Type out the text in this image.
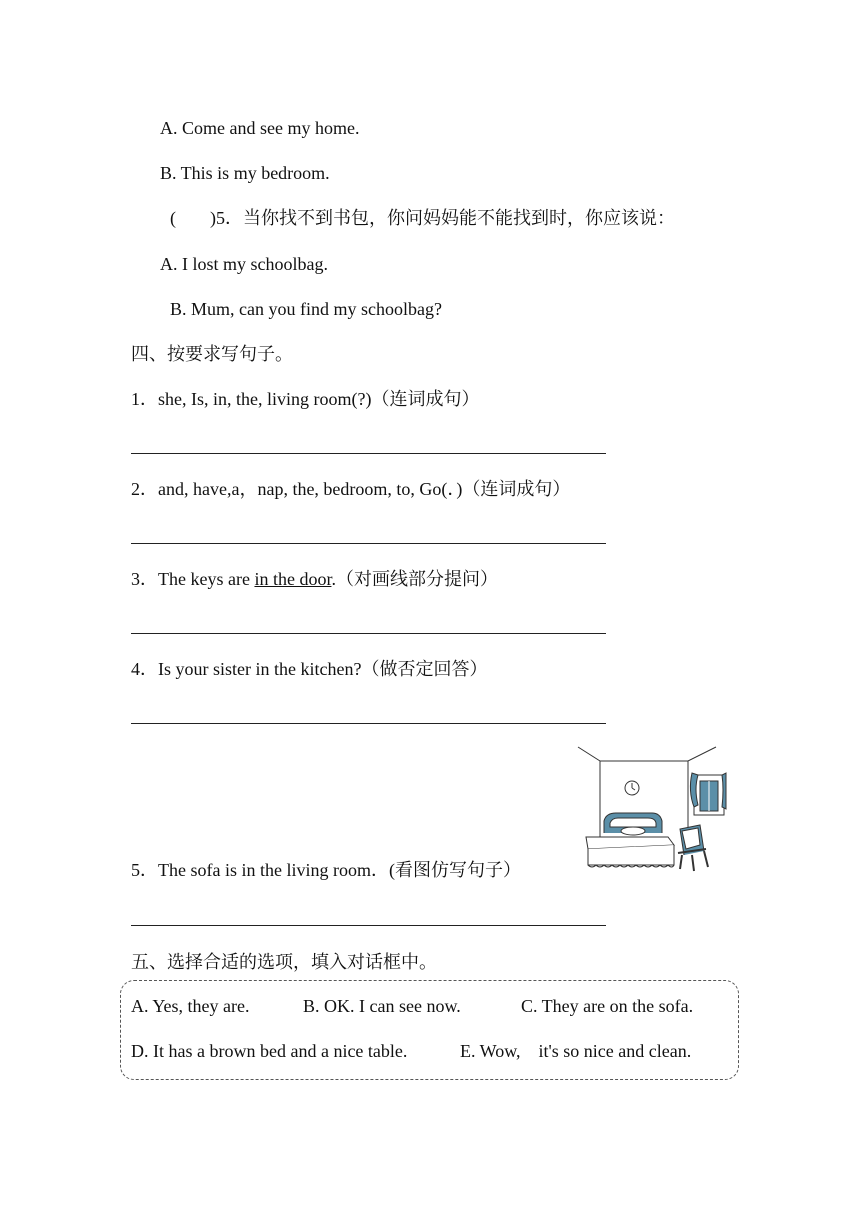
A. Come and see my home.
B. This is my bedroom.
( )5．当你找不到书包，你问妈妈能不能找到时，你应该说：
A. I lost my schoolbag.
B. Mum, can you find my schoolbag?
四、按要求写句子。
1．she, Is, in, the, living room(?)（连词成句）
2．and, have,a，nap, the, bedroom, to, Go(．)（连词成句）
3．The keys are in the door.（对画线部分提问）
4．Is your sister in the kitchen?（做否定回答）
5．The sofa is in the living room．(看图仿写句子）
五、选择合适的选项，填入对话框中。
A. Yes, they are.	B. OK. I can see now.	C. They are on the sofa.
D. It has a brown bed and a nice table.	E. Wow,    it's so nice and clean.
